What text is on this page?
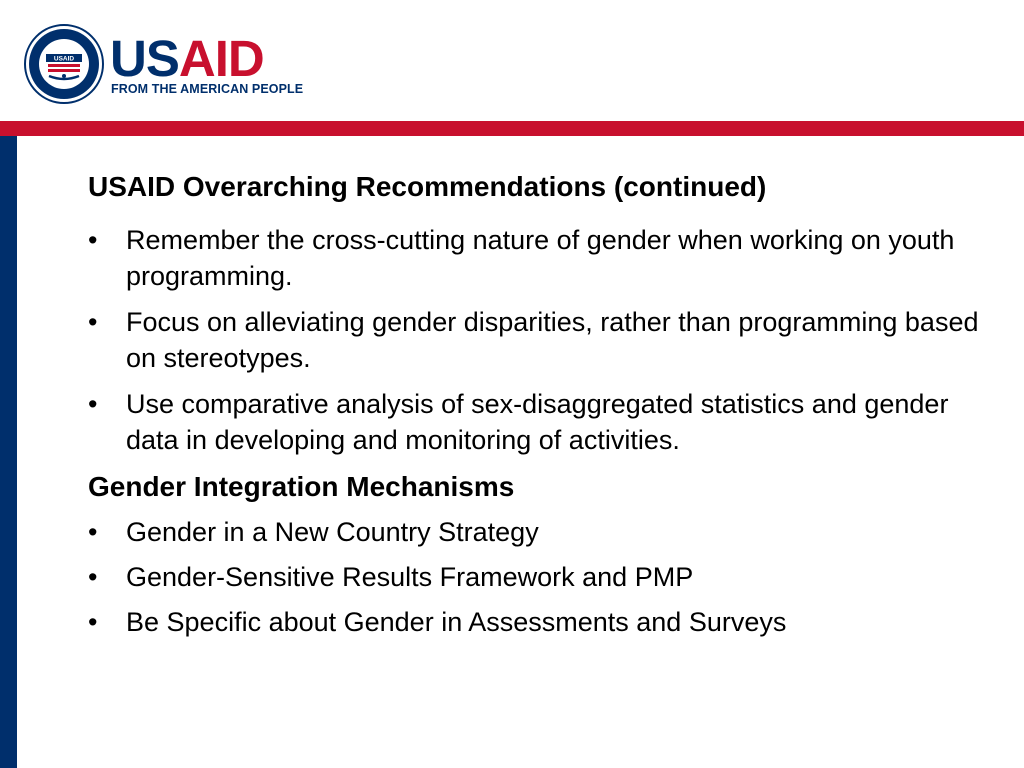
USAID USAID
FROM THE AMERICAN PEOPLE
USAID Overarching Recommendations (continued)
• Remember the cross-cutting nature of gender when working on youth programming.
• Focus on alleviating gender disparities, rather than programming based on stereotypes.
• Use comparative analysis of sex-disaggregated statistics and gender data in developing and monitoring of activities.
Gender Integration Mechanisms
• Gender in a New Country Strategy
• Gender-Sensitive Results Framework and PMP
• Be Specific about Gender in Assessments and Surveys
